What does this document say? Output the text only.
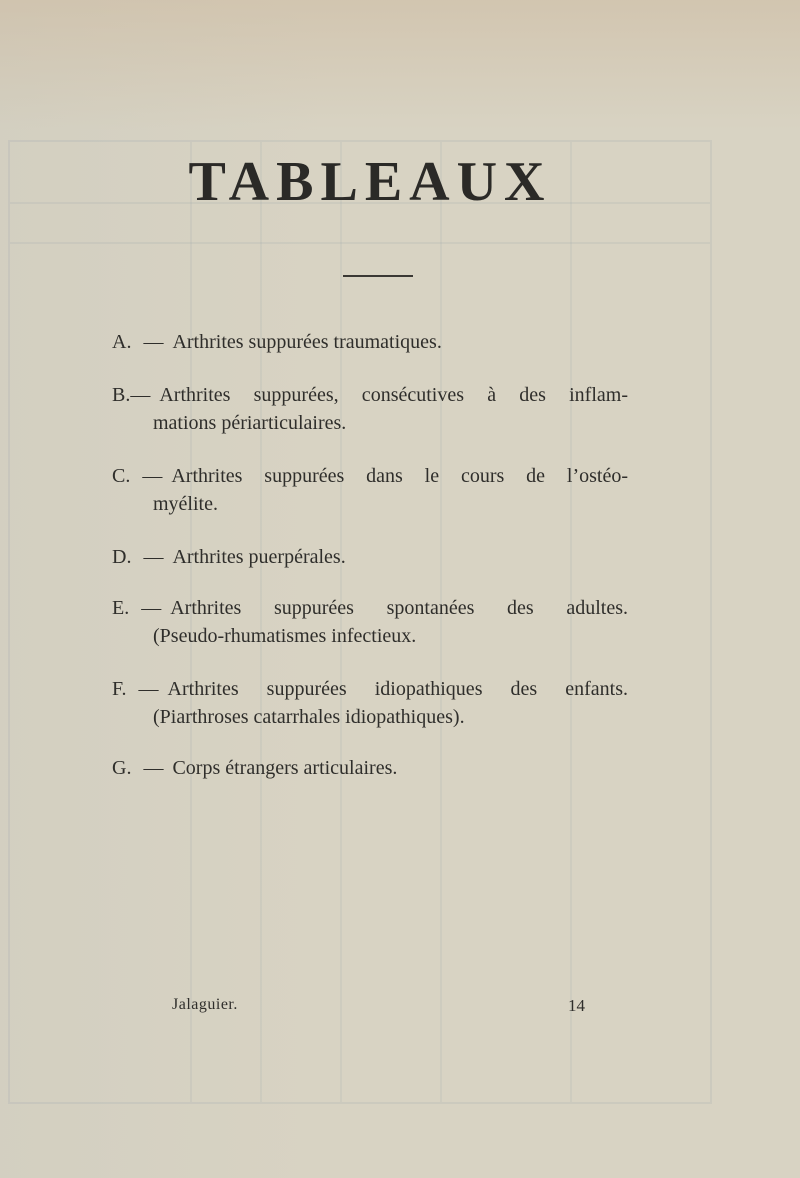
TABLEAUX
A. — Arthrites suppurées traumatiques.
B. — Arthrites suppurées, consécutives à des inflam-
mations périarticulaires.
C. — Arthrites suppurées dans le cours de l’ostéo-
myélite.
D. — Arthrites puerpérales.
E. — Arthrites suppurées spontanées des adultes.
(Pseudo-rhumatismes infectieux.
F. — Arthrites suppurées idiopathiques des enfants.
(Piarthroses catarrhales idiopathiques).
G. — Corps étrangers articulaires.
Jalaguier.	14
